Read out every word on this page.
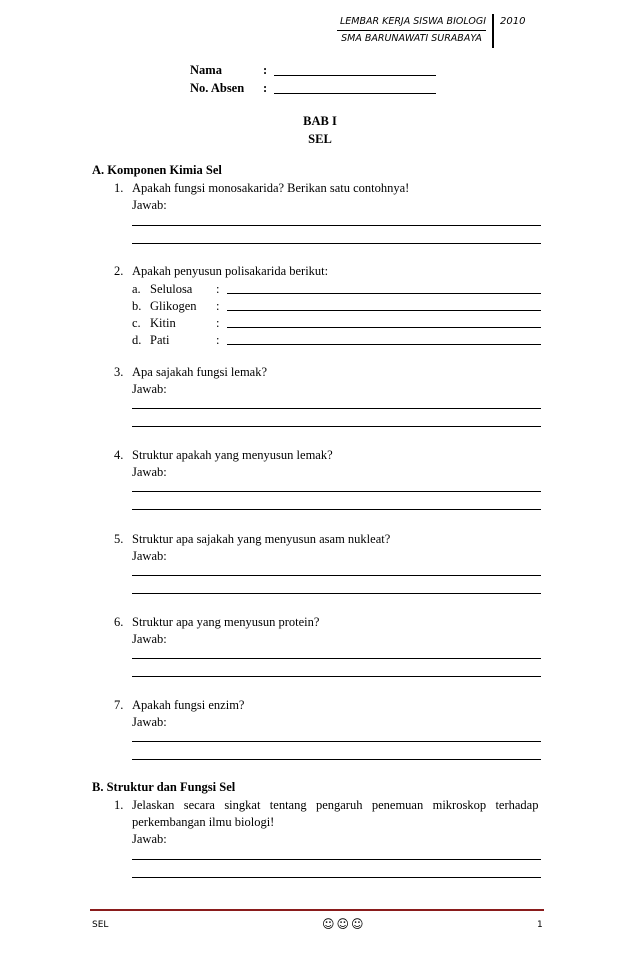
LEMBAR KERJA SISWA BIOLOGI
SMA BARUNAWATI SURABAYA
2010
Nama	:
No. Absen :
BAB I
SEL
A. Komponen Kimia Sel
1. Apakah fungsi monosakarida? Berikan satu contohnya!
Jawab:
2. Apakah penyusun polisakarida berikut:
a. Selulosa :
b. Glikogen :
c. Kitin	:
d. Pati	:
3. Apa sajakah fungsi lemak?
Jawab:
4. Struktur apakah yang menyusun lemak?
Jawab:
5. Struktur apa sajakah yang menyusun asam nukleat?
Jawab:
6. Struktur apa yang menyusun protein?
Jawab:
7. Apakah fungsi enzim?
Jawab:
B. Struktur dan Fungsi Sel
1. Jelaskan   secara   singkat   tentang   pengaruh   penemuan   mikroskop   terhadap
perkembangan ilmu biologi!
Jawab:
SEL	☺☺☺	1
